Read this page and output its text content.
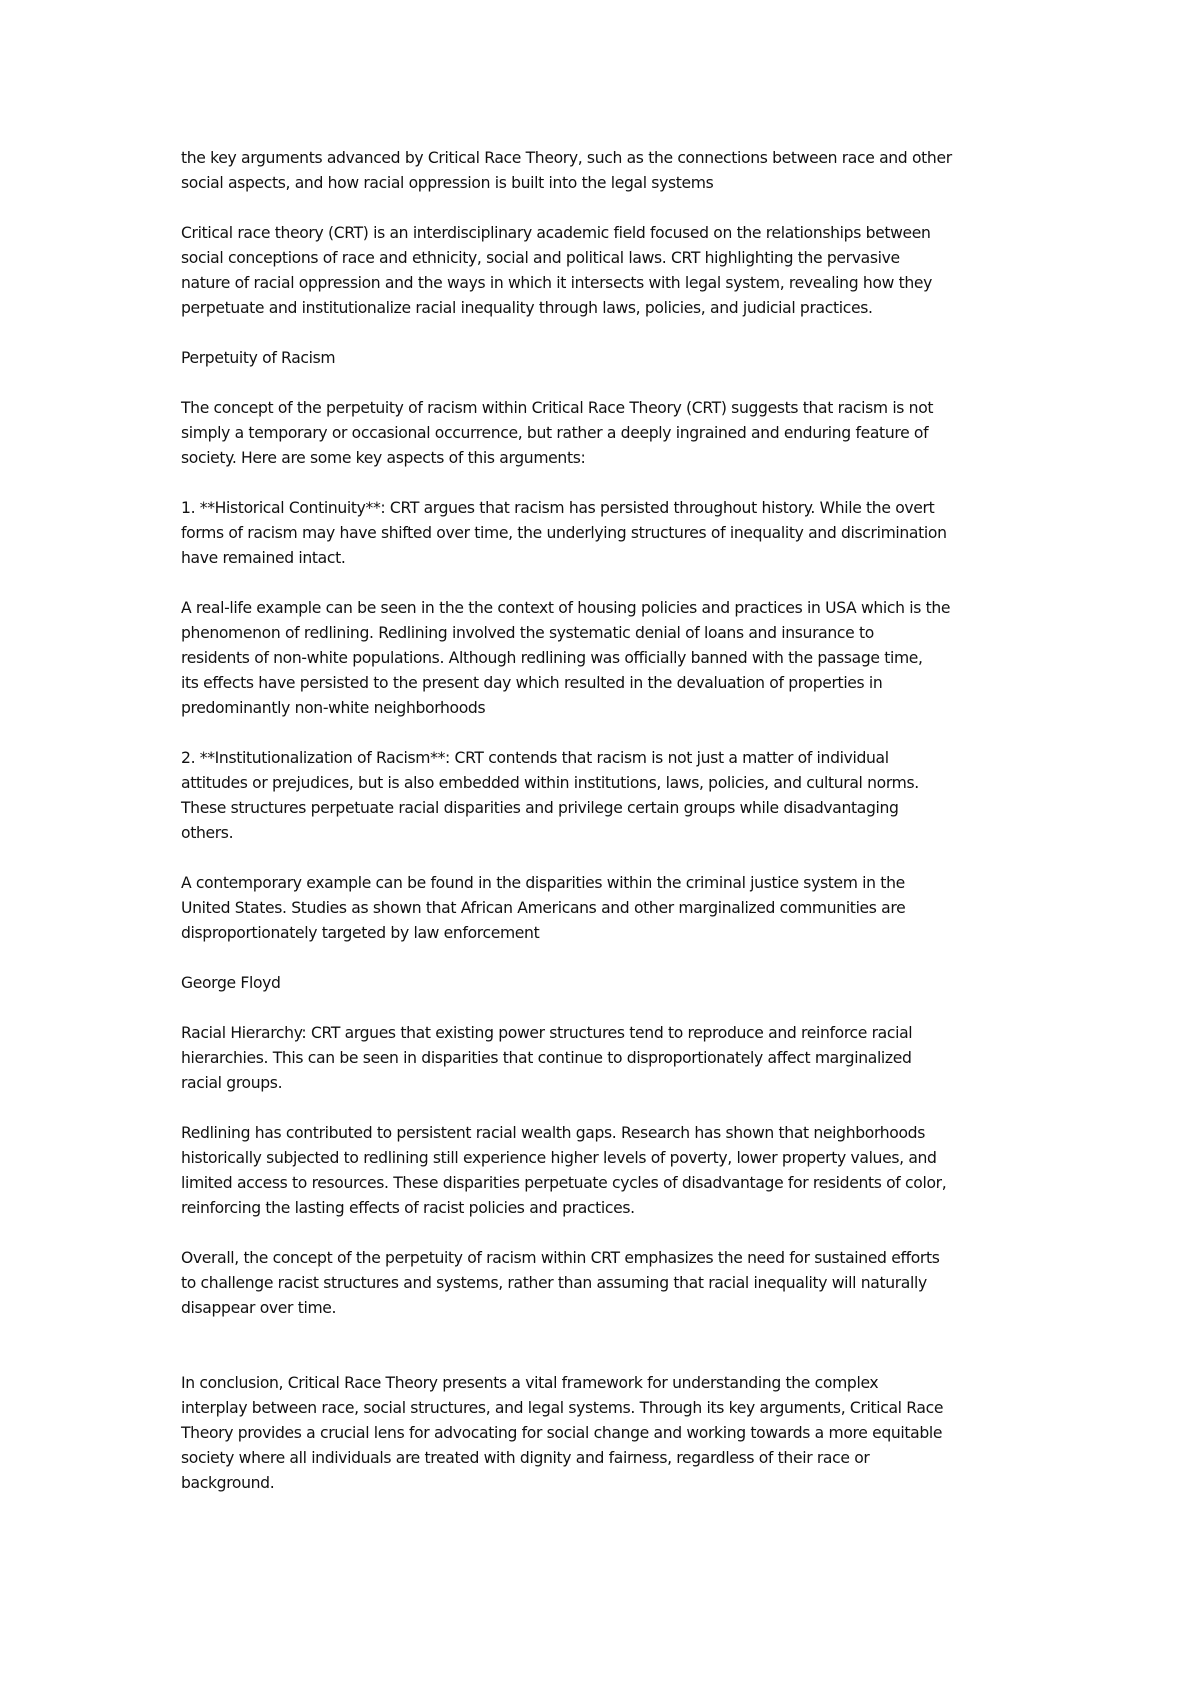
the key arguments advanced by Critical Race Theory, such as the connections between race and other
social aspects, and how racial oppression is built into the legal systems

Critical race theory (CRT) is an interdisciplinary academic field focused on the relationships between
social conceptions of race and ethnicity, social and political laws. CRT highlighting the pervasive
nature of racial oppression and the ways in which it intersects with legal system, revealing how they
perpetuate and institutionalize racial inequality through laws, policies, and judicial practices.

Perpetuity of Racism

The concept of the perpetuity of racism within Critical Race Theory (CRT) suggests that racism is not
simply a temporary or occasional occurrence, but rather a deeply ingrained and enduring feature of
society. Here are some key aspects of this arguments:

1. **Historical Continuity**: CRT argues that racism has persisted throughout history. While the overt
forms of racism may have shifted over time, the underlying structures of inequality and discrimination
have remained intact.

A real-life example can be seen in the the context of housing policies and practices in USA which is the
phenomenon of redlining. Redlining involved the systematic denial of loans and insurance to
residents of non-white populations. Although redlining was officially banned with the passage time,
its effects have persisted to the present day which resulted in the devaluation of properties in
predominantly non-white neighborhoods

2. **Institutionalization of Racism**: CRT contends that racism is not just a matter of individual
attitudes or prejudices, but is also embedded within institutions, laws, policies, and cultural norms.
These structures perpetuate racial disparities and privilege certain groups while disadvantaging
others.

A contemporary example can be found in the disparities within the criminal justice system in the
United States. Studies as shown that African Americans and other marginalized communities are
disproportionately targeted by law enforcement

George Floyd

Racial Hierarchy: CRT argues that existing power structures tend to reproduce and reinforce racial
hierarchies. This can be seen in disparities that continue to disproportionately affect marginalized
racial groups.

Redlining has contributed to persistent racial wealth gaps. Research has shown that neighborhoods
historically subjected to redlining still experience higher levels of poverty, lower property values, and
limited access to resources. These disparities perpetuate cycles of disadvantage for residents of color,
reinforcing the lasting effects of racist policies and practices.

Overall, the concept of the perpetuity of racism within CRT emphasizes the need for sustained efforts
to challenge racist structures and systems, rather than assuming that racial inequality will naturally
disappear over time.

In conclusion, Critical Race Theory presents a vital framework for understanding the complex
interplay between race, social structures, and legal systems. Through its key arguments, Critical Race
Theory provides a crucial lens for advocating for social change and working towards a more equitable
society where all individuals are treated with dignity and fairness, regardless of their race or
background.
